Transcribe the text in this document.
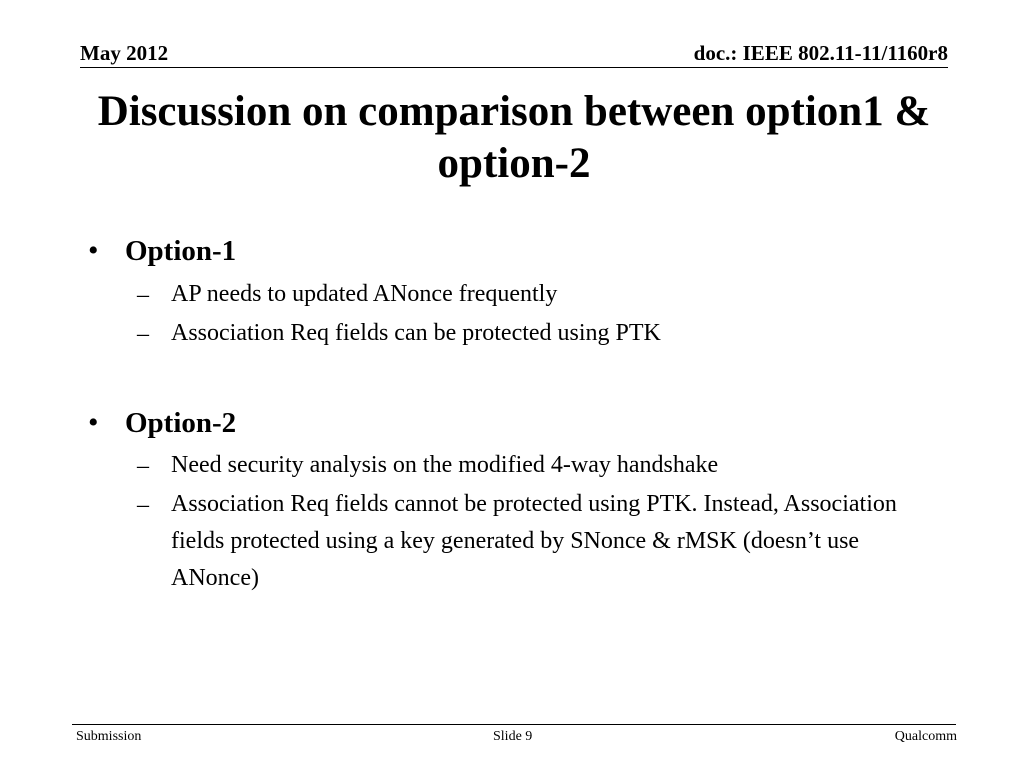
May 2012	doc.: IEEE 802.11-11/1160r8
Discussion on comparison between option1 & option-2
• Option-1
– AP needs to updated ANonce frequently
– Association Req fields can be protected using PTK
• Option-2
– Need security analysis on the modified 4-way handshake
– Association Req fields cannot be protected using PTK. Instead, Association fields protected using a key generated by SNonce & rMSK (doesn’t use ANonce)
Submission	Slide 9	Qualcomm
